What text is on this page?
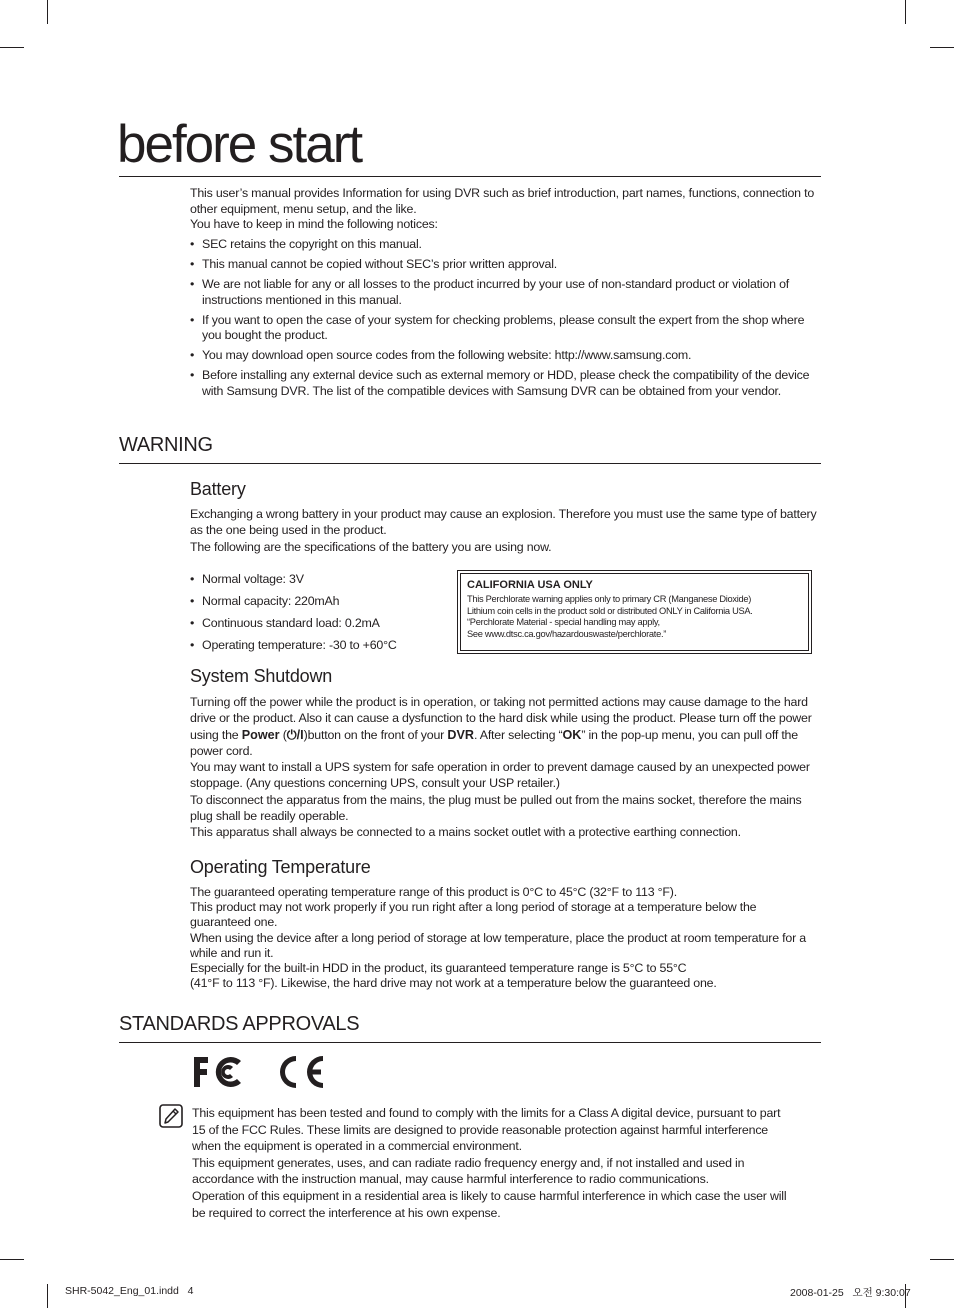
before start

This user’s manual provides Information for using DVR such as brief introduction, part names, functions, connection to other equipment, menu setup, and the like.

You have to keep in mind the following notices:

• SEC retains the copyright on this manual.
• This manual cannot be copied without SEC’s prior written approval.
• We are not liable for any or all losses to the product incurred by your use of non-standard product or violation of instructions mentioned in this manual.
• If you want to open the case of your system for checking problems, please consult the expert from the shop where you bought the product.
• You may download open source codes from the following website: http://www.samsung.com.
• Before installing any external device such as external memory or HDD, please check the compatibility of the device with Samsung DVR. The list of the compatible devices with Samsung DVR can be obtained from your vendor.
WARNING
Battery

Exchanging a wrong battery in your product may cause an explosion. Therefore you must use the same type of battery as the one being used in the product.

The following are the specifications of the battery you are using now.

• Normal voltage: 3V
• Normal capacity: 220mAh
• Continuous standard load: 0.2mA
• Operating temperature: -30 to +60°C
CALIFORNIA USA ONLY
This Perchlorate warning applies only to primary CR (Manganese Dioxide)
Lithium coin cells in the product sold or distributed ONLY in California USA.
“Perchlorate Material - special handling may apply,
See www.dtsc.ca.gov/hazardouswaste/perchlorate.”
System Shutdown

Turning off the power while the product is in operation, or taking not permitted actions may cause damage to the hard drive or the product. Also it can cause a dysfunction to the hard disk while using the product. Please turn off the power using the Power (⏻/I)button on the front of your DVR. After selecting “OK” in the pop-up menu, you can pull off the power cord.

You may want to install a UPS system for safe operation in order to prevent damage caused by an unexpected power stoppage. (Any questions concerning UPS, consult your USP retailer.)

To disconnect the apparatus from the mains, the plug must be pulled out from the mains socket, therefore the mains plug shall be readily operable.

This apparatus shall always be connected to a mains socket outlet with a protective earthing connection.

Operating Temperature

The guaranteed operating temperature range of this product is 0°C to 45°C (32°F to 113 °F).

This product may not work properly if you run right after a long period of storage at a temperature below the guaranteed one.

When using the device after a long period of storage at low temperature, place the product at room temperature for a while and run it.

Especially for the built-in HDD in the product, its guaranteed temperature range is 5°C to 55°C

(41°F to 113 °F). Likewise, the hard drive may not work at a temperature below the guaranteed one.

STANDARDS APPROVALS

This equipment has been tested and found to comply with the limits for a Class A digital device, pursuant to part 15 of the FCC Rules. These limits are designed to provide reasonable protection against harmful interference when the equipment is operated in a commercial environment.

This equipment generates, uses, and can radiate radio frequency energy and, if not installed and used in accordance with the instruction manual, may cause harmful interference to radio communications.

Operation of this equipment in a residential area is likely to cause harmful interference in which case the user will be required to correct the interference at his own expense.

SHR-5042_Eng_01.indd   4	2008-01-25   오전 9:30:07
